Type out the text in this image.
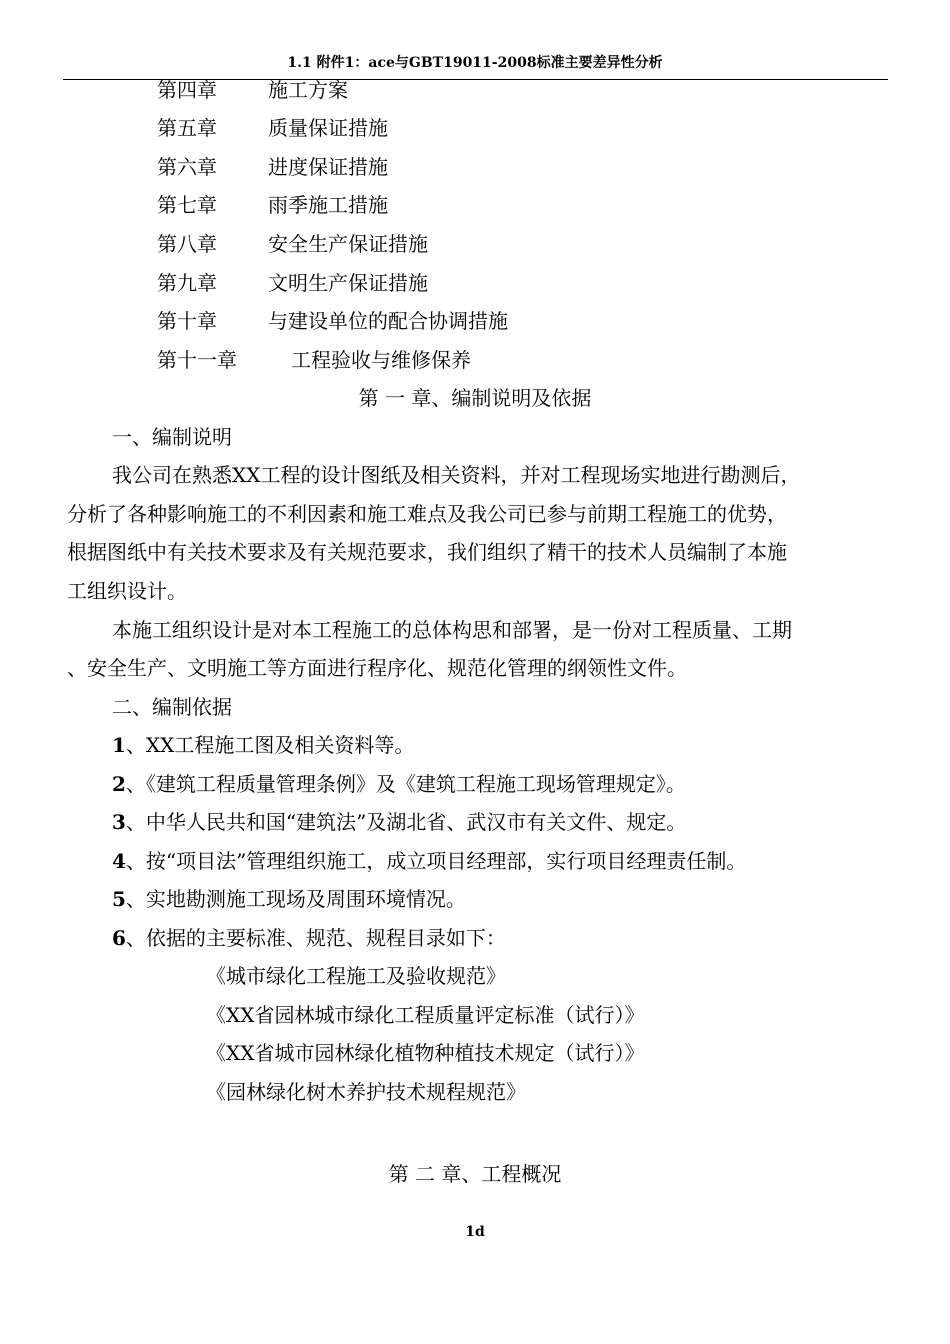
1.1 附件1：ace与GBT19011-2008标准主要差异性分析
第四章	施工方案
第五章	质量保证措施
第六章	进度保证措施
第七章	雨季施工措施
第八章	安全生产保证措施
第九章	文明生产保证措施
第十章	与建设单位的配合协调措施
第十一章	工程验收与维修保养
第 一 章、编制说明及依据
一、编制说明
我公司在熟悉XX工程的设计图纸及相关资料，并对工程现场实地进行勘测后，
分析了各种影响施工的不利因素和施工难点及我公司已参与前期工程施工的优势，
根据图纸中有关技术要求及有关规范要求，我们组织了精干的技术人员编制了本施
工组织设计。
本施工组织设计是对本工程施工的总体构思和部署，是一份对工程质量、工期
、安全生产、文明施工等方面进行程序化、规范化管理的纲领性文件。
二、编制依据
1、XX工程施工图及相关资料等。
2、《建筑工程质量管理条例》及《建筑工程施工现场管理规定》。
3、中华人民共和国“建筑法”及湖北省、武汉市有关文件、规定。
4、按“项目法”管理组织施工，成立项目经理部，实行项目经理责任制。
5、实地勘测施工现场及周围环境情况。
6、依据的主要标准、规范、规程目录如下：
《城市绿化工程施工及验收规范》
《XX省园林城市绿化工程质量评定标准（试行）》
《XX省城市园林绿化植物种植技术规定（试行）》
《园林绿化树木养护技术规程规范》
第 二 章、工程概况
1d
